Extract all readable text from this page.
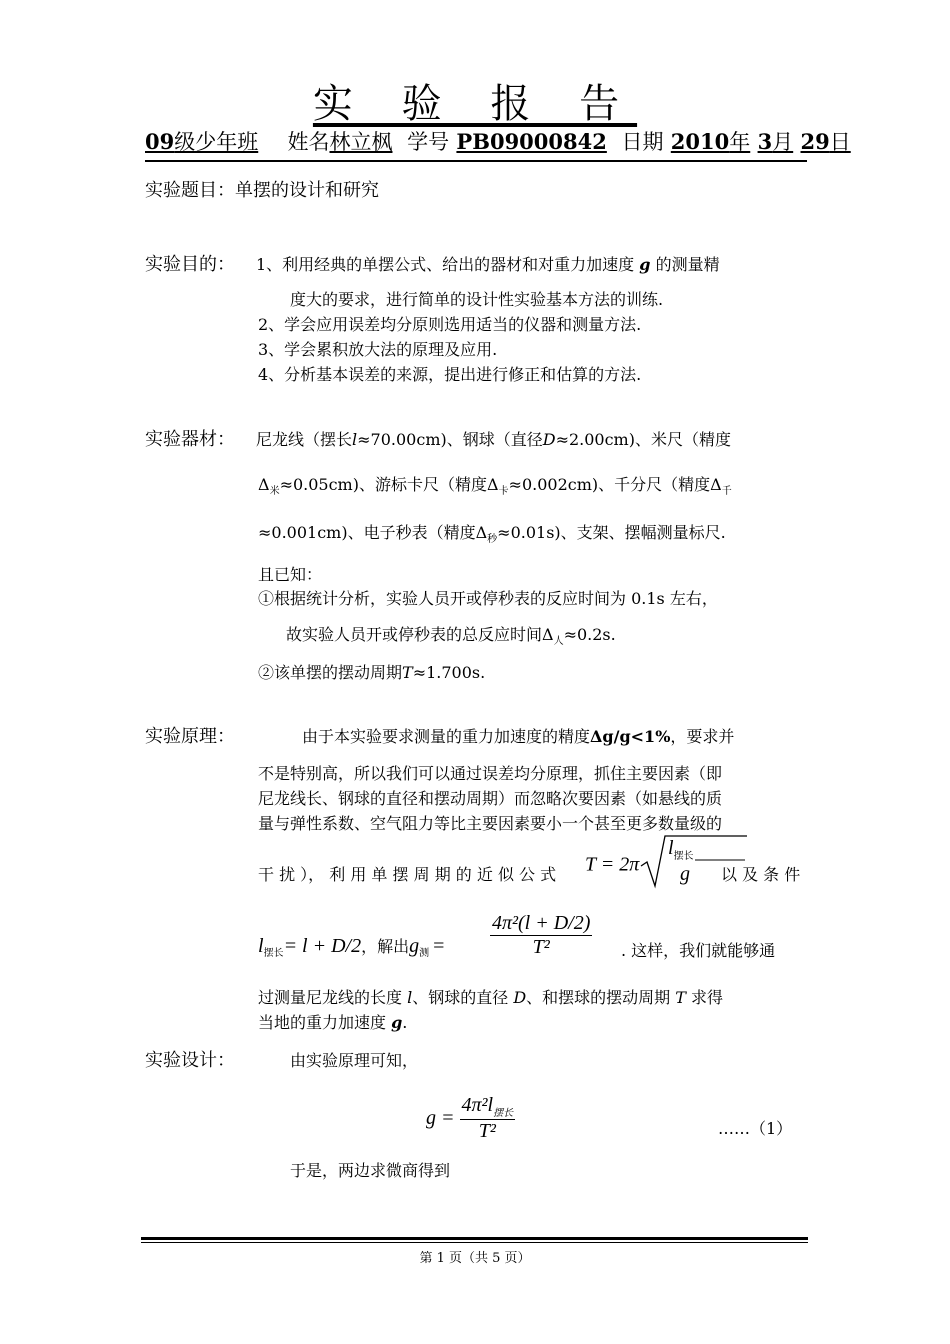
实 验 报 告
09级少年班 姓名林立枫 学号 PB09000842 日期 2010年 3月 29日
实验题目：单摆的设计和研究
实验目的： 1、利用经典的单摆公式、给出的器材和对重力加速度 g 的测量精
度大的要求，进行简单的设计性实验基本方法的训练.
2、学会应用误差均分原则选用适当的仪器和测量方法.
3、学会累积放大法的原理及应用.
4、分析基本误差的来源，提出进行修正和估算的方法.
实验器材： 尼龙线（摆长l≈70.00cm)、钢球（直径D≈2.00cm)、米尺（精度
$\Delta_米\approx 0.05cm$)、游标卡尺（精度$\Delta_卡\approx 0.002cm$)、千分尺（精度$\Delta_千$
≈0.001cm)、电子秒表（精度$\Delta_秒\approx 0.01s$)、支架、摆幅测量标尺.
且已知：
①根据统计分析，实验人员开或停秒表的反应时间为 0.1s 左右，
故实验人员开或停秒表的总反应时间$\Delta_人\approx 0.2s$.
②该单摆的摆动周期T≈1.700s.
实验原理：	由于本实验要求测量的重力加速度的精度Δg/g<1%，要求并
不是特别高，所以我们可以通过误差均分原理，抓住主要因素（即
尼龙线长、钢球的直径和摆动周期）而忽略次要因素（如悬线的质
量与弹性系数、空气阻力等比主要因素要小一个甚至更多数量级的
干 扰 ）， 利 用 单 摆 周 期 的 近 似 公 式 T = 2π
$l_{摆长}$
g 以 及 条 件
$l_{摆长}= l + D/2$，解出$g_测 = \frac{\text{4π²(l + D/2)}}{\text{T²}}$ . 这样，我们就能够通
过测量尼龙线的长度 l、钢球的直径 D、和摆球的摆动周期 T 求得
当地的重力加速度 g.
实验设计：	由实验原理可知，
$g = \frac{4\pi^2l_{摆长}}{\text{T²}}$	……（1）
于是，两边求微商得到
第 1 页（共 5 页）
